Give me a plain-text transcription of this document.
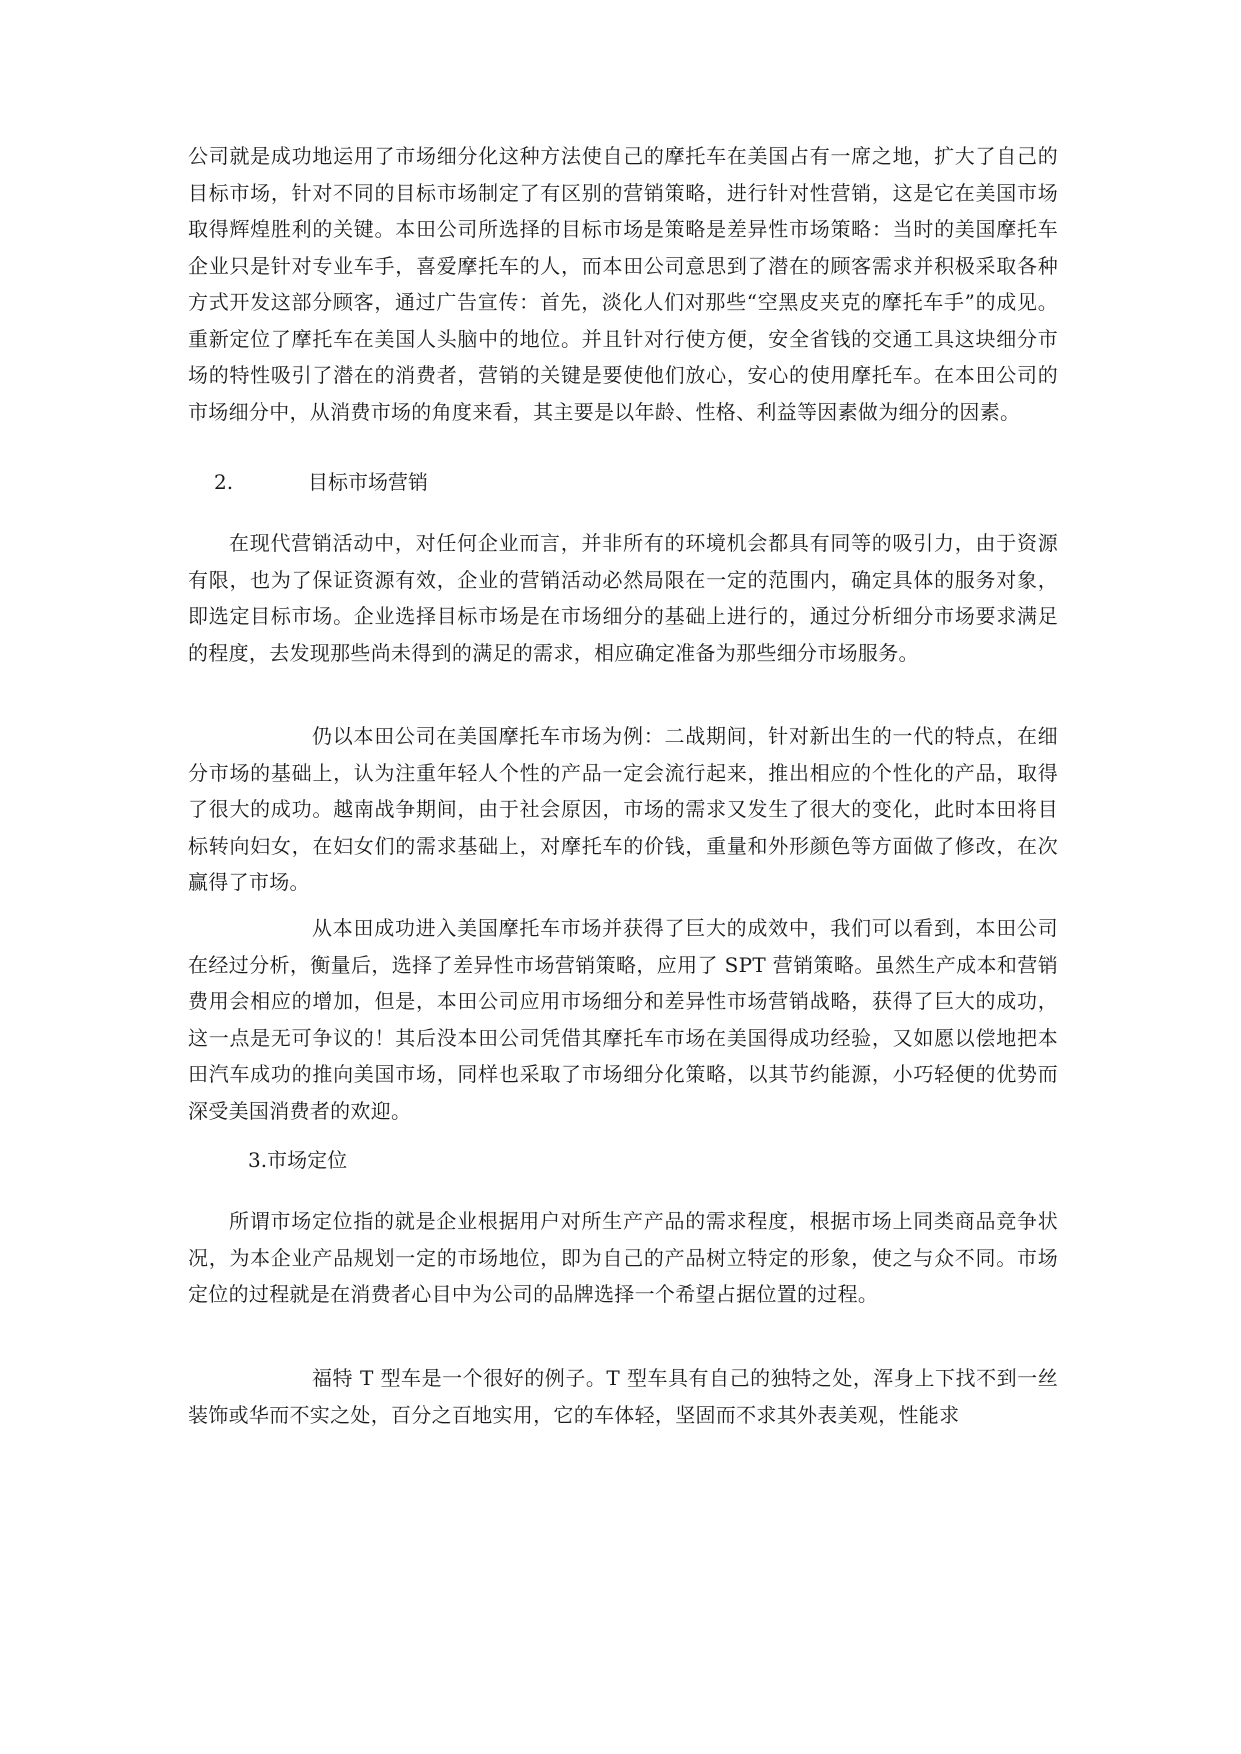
公司就是成功地运用了市场细分化这种方法使自己的摩托车在美国占有一席之地，扩大了自己的目标市场，针对不同的目标市场制定了有区别的营销策略，进行针对性营销，这是它在美国市场取得辉煌胜利的关键。本田公司所选择的目标市场是策略是差异性市场策略：当时的美国摩托车企业只是针对专业车手，喜爱摩托车的人，而本田公司意思到了潜在的顾客需求并积极采取各种方式开发这部分顾客，通过广告宣传：首先，淡化人们对那些“空黑皮夹克的摩托车手”的成见。重新定位了摩托车在美国人头脑中的地位。并且针对行使方便，安全省钱的交通工具这块细分市场的特性吸引了潜在的消费者，营销的关键是要使他们放心，安心的使用摩托车。在本田公司的市场细分中，从消费市场的角度来看，其主要是以年龄、性格、利益等因素做为细分的因素。

2.	目标市场营销

在现代营销活动中，对任何企业而言，并非所有的环境机会都具有同等的吸引力，由于资源有限，也为了保证资源有效，企业的营销活动必然局限在一定的范围内，确定具体的服务对象，即选定目标市场。企业选择目标市场是在市场细分的基础上进行的，通过分析细分市场要求满足的程度，去发现那些尚未得到的满足的需求，相应确定准备为那些细分市场服务。

仍以本田公司在美国摩托车市场为例：二战期间，针对新出生的一代的特点，在细分市场的基础上，认为注重年轻人个性的产品一定会流行起来，推出相应的个性化的产品，取得了很大的成功。越南战争期间，由于社会原因，市场的需求又发生了很大的变化，此时本田将目标转向妇女，在妇女们的需求基础上，对摩托车的价钱，重量和外形颜色等方面做了修改，在次赢得了市场。

从本田成功进入美国摩托车市场并获得了巨大的成效中，我们可以看到，本田公司在经过分析，衡量后，选择了差异性市场营销策略，应用了 SPT 营销策略。虽然生产成本和营销费用会相应的增加，但是，本田公司应用市场细分和差异性市场营销战略，获得了巨大的成功，这一点是无可争议的！其后没本田公司凭借其摩托车市场在美国得成功经验，又如愿以偿地把本田汽车成功的推向美国市场，同样也采取了市场细分化策略，以其节约能源，小巧轻便的优势而深受美国消费者的欢迎。

3.市场定位

所谓市场定位指的就是企业根据用户对所生产产品的需求程度，根据市场上同类商品竞争状况，为本企业产品规划一定的市场地位，即为自己的产品树立特定的形象，使之与众不同。市场定位的过程就是在消费者心目中为公司的品牌选择一个希望占据位置的过程。

福特 T 型车是一个很好的例子。T 型车具有自己的独特之处，浑身上下找不到一丝装饰或华而不实之处，百分之百地实用，它的车体轻，坚固而不求其外表美观，性能求
